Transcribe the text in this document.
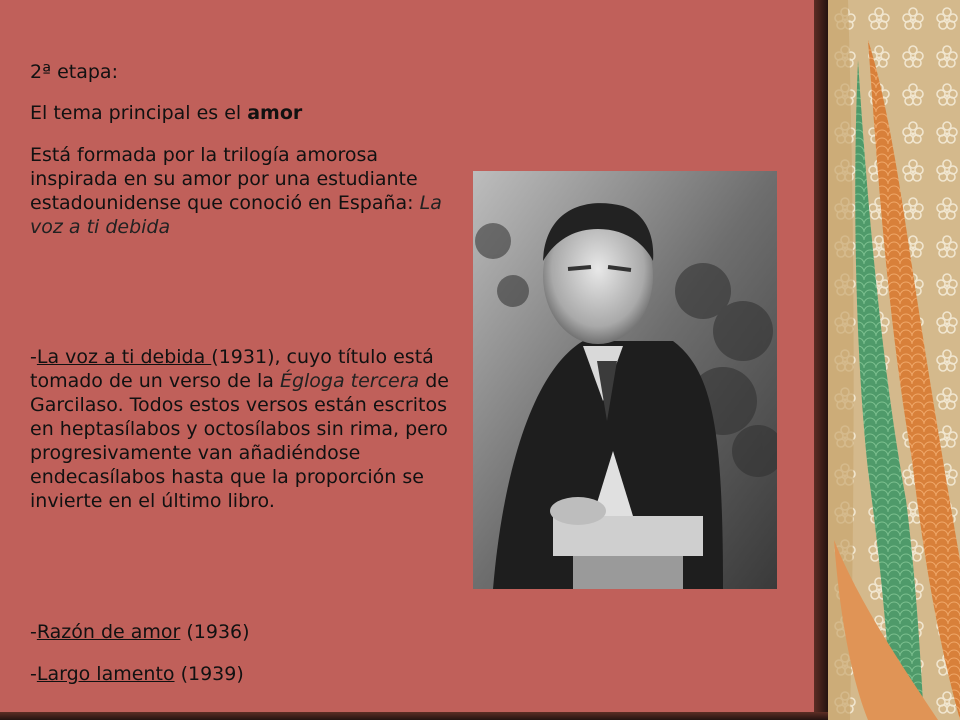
2ª etapa:
El tema principal es el amor
Está formada por la trilogía amorosa inspirada en su amor por una estudiante estadounidense que conoció en España: La voz a ti debida
-La voz a ti debida (1931), cuyo título está tomado de un verso de la Égloga tercera de Garcilaso. Todos estos versos están escritos en heptasílabos y octosílabos sin rima, pero progresivamente van añadiéndose endecasílabos hasta que la proporción se invierte en el último libro.
-Razón de amor (1936)
-Largo lamento (1939)
